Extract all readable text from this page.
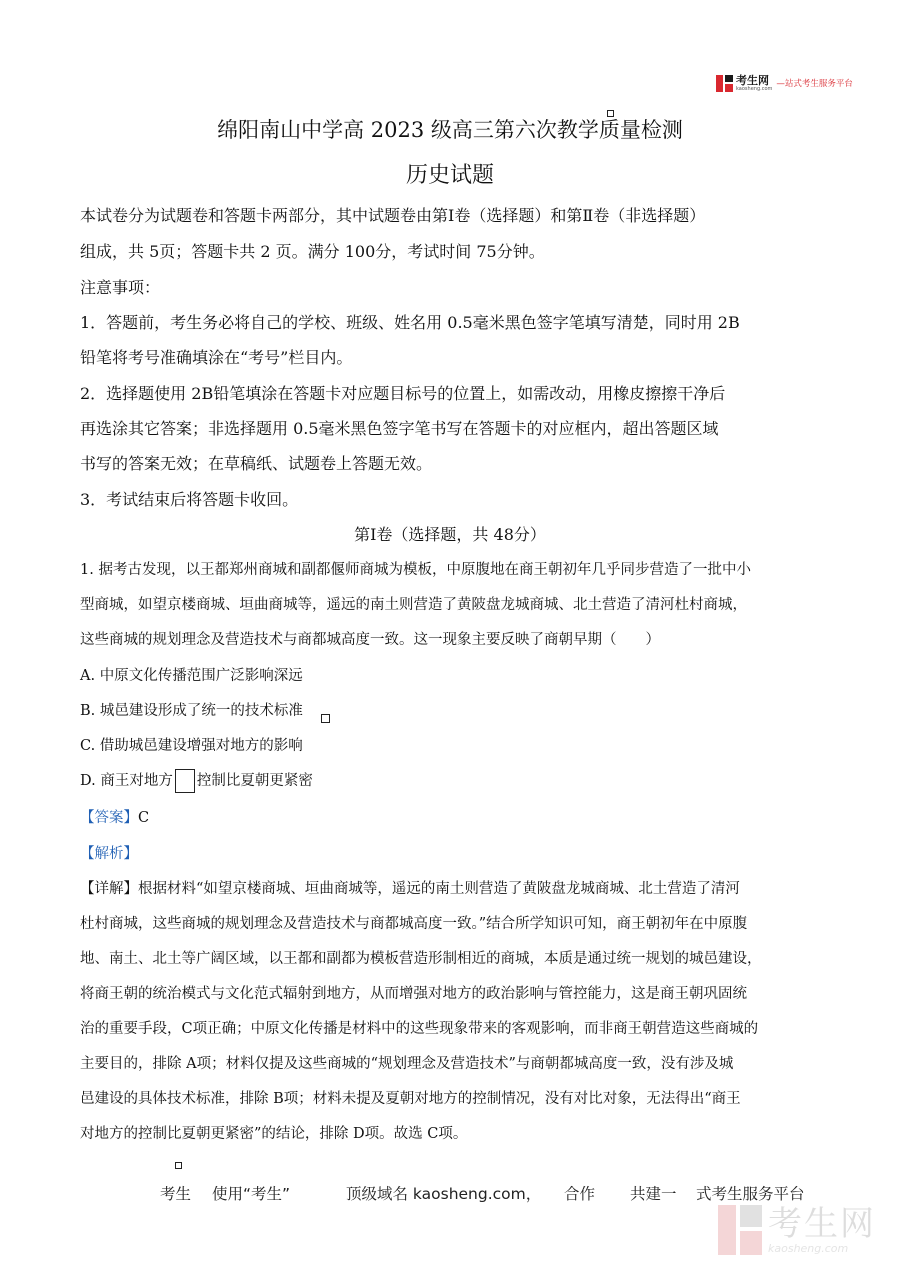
考生网
kaosheng.com —站式考生服务平台
绵阳南山中学高 2023 级高三第六次教学质量检测
历史试题
本试卷分为试题卷和答题卡两部分，其中试题卷由第Ⅰ卷（选择题）和第Ⅱ卷（非选择题）
组成，共 5页；答题卡共 2 页。满分 100分，考试时间 75分钟。
注意事项：
1．答题前，考生务必将自己的学校、班级、姓名用 0.5毫米黑色签字笔填写清楚，同时用 2B
铅笔将考号准确填涂在“考号”栏目内。
2．选择题使用 2B铅笔填涂在答题卡对应题目标号的位置上，如需改动，用橡皮擦擦干净后
再选涂其它答案；非选择题用 0.5毫米黑色签字笔书写在答题卡的对应框内，超出答题区域
书写的答案无效；在草稿纸、试题卷上答题无效。
3．考试结束后将答题卡收回。
第Ⅰ卷（选择题，共 48分）
1. 据考古发现，以王都郑州商城和副都偃师商城为模板，中原腹地在商王朝初年几乎同步营造了一批中小
型商城，如望京楼商城、垣曲商城等，遥远的南土则营造了黄陂盘龙城商城、北土营造了清河杜村商城，
这些商城的规划理念及营造技术与商都城高度一致。这一现象主要反映了商朝早期（　　）
A. 中原文化传播范围广泛影响深远
B. 城邑建设形成了统一的技术标准
C. 借助城邑建设增强对地方的影响
D. 商王对地方 控制比夏朝更紧密
【答案】C
【解析】
【详解】根据材料“如望京楼商城、垣曲商城等，遥远的南土则营造了黄陂盘龙城商城、北土营造了清河
杜村商城，这些商城的规划理念及营造技术与商都城高度一致。”结合所学知识可知，商王朝初年在中原腹
地、南土、北土等广阔区域，以王都和副都为模板营造形制相近的商城，本质是通过统一规划的城邑建设，
将商王朝的统治模式与文化范式辐射到地方，从而增强对地方的政治影响与管控能力，这是商王朝巩固统
治的重要手段，C项正确；中原文化传播是材料中的这些现象带来的客观影响，而非商王朝营造这些商城的
主要目的，排除 A项；材料仅提及这些商城的“规划理念及营造技术”与商朝都城高度一致，没有涉及城
邑建设的具体技术标准，排除 B项；材料未提及夏朝对地方的控制情况，没有对比对象，无法得出“商王
对地方的控制比夏朝更紧密”的结论，排除 D项。故选 C项。
考生 使用“考生”	顶级域名 kaosheng.com， 合作 共建一 式考生服务平台
考生网
kaosheng.com
